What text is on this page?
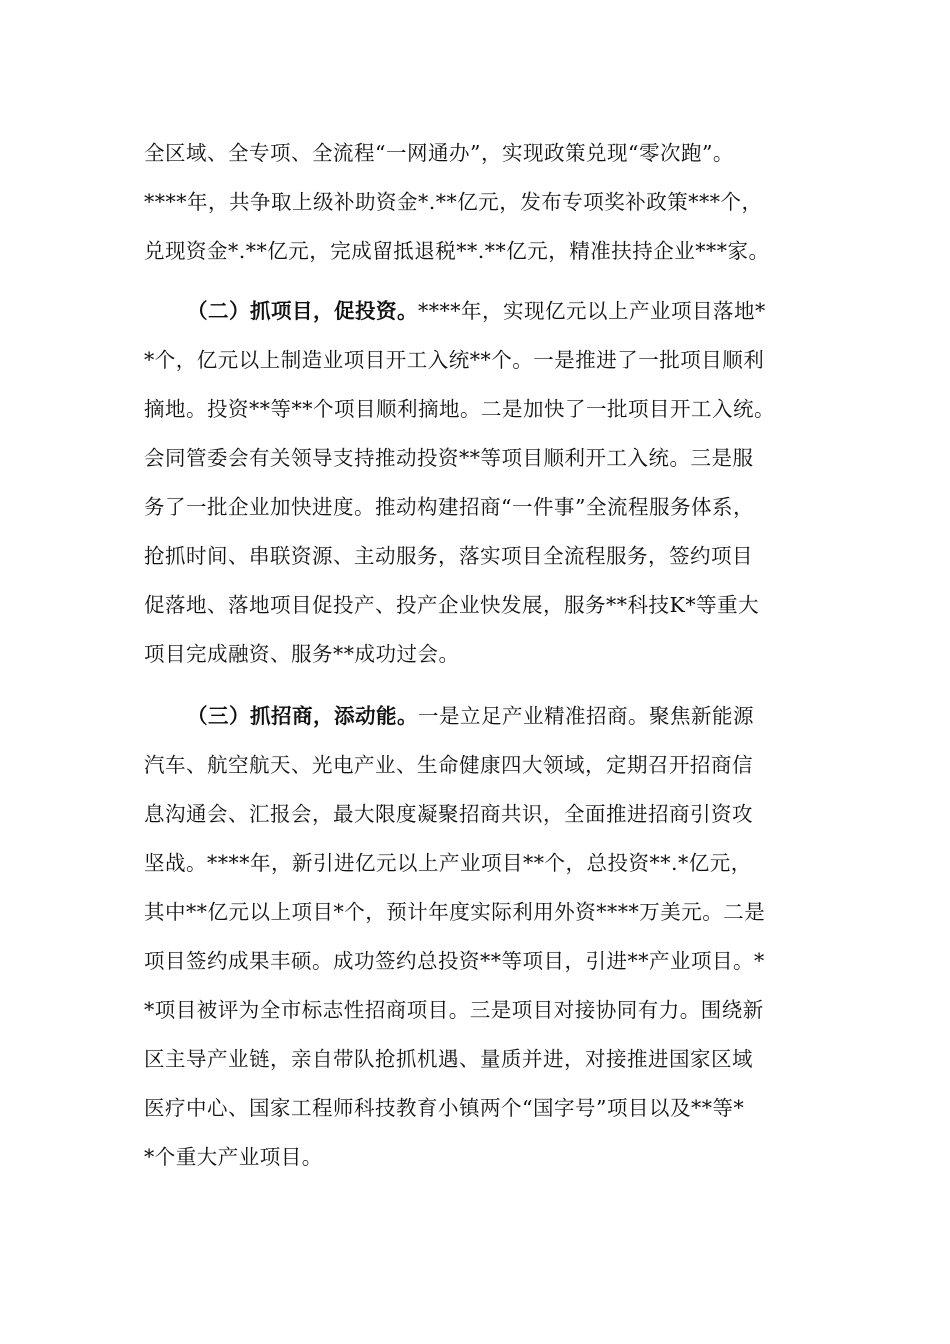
全区域、全专项、全流程“一网通办”，实现政策兑现“零次跑”。
****年，共争取上级补助资金*.**亿元，发布专项奖补政策***个，
兑现资金*.**亿元，完成留抵退税**.**亿元，精准扶持企业***家。
（二）抓项目，促投资。****年，实现亿元以上产业项目落地*
*个，亿元以上制造业项目开工入统**个。一是推进了一批项目顺利
摘地。投资**等**个项目顺利摘地。二是加快了一批项目开工入统。
会同管委会有关领导支持推动投资**等项目顺利开工入统。三是服
务了一批企业加快进度。推动构建招商“一件事”全流程服务体系，
抢抓时间、串联资源、主动服务，落实项目全流程服务，签约项目
促落地、落地项目促投产、投产企业快发展，服务**科技K*等重大
项目完成融资、服务**成功过会。
（三）抓招商，添动能。一是立足产业精准招商。聚焦新能源
汽车、航空航天、光电产业、生命健康四大领域，定期召开招商信
息沟通会、汇报会，最大限度凝聚招商共识，全面推进招商引资攻
坚战。****年，新引进亿元以上产业项目**个，总投资**.*亿元，
其中**亿元以上项目*个，预计年度实际利用外资****万美元。二是
项目签约成果丰硕。成功签约总投资**等项目，引进**产业项目。*
*项目被评为全市标志性招商项目。三是项目对接协同有力。围绕新
区主导产业链，亲自带队抢抓机遇、量质并进，对接推进国家区域
医疗中心、国家工程师科技教育小镇两个“国字号”项目以及**等*
*个重大产业项目。
